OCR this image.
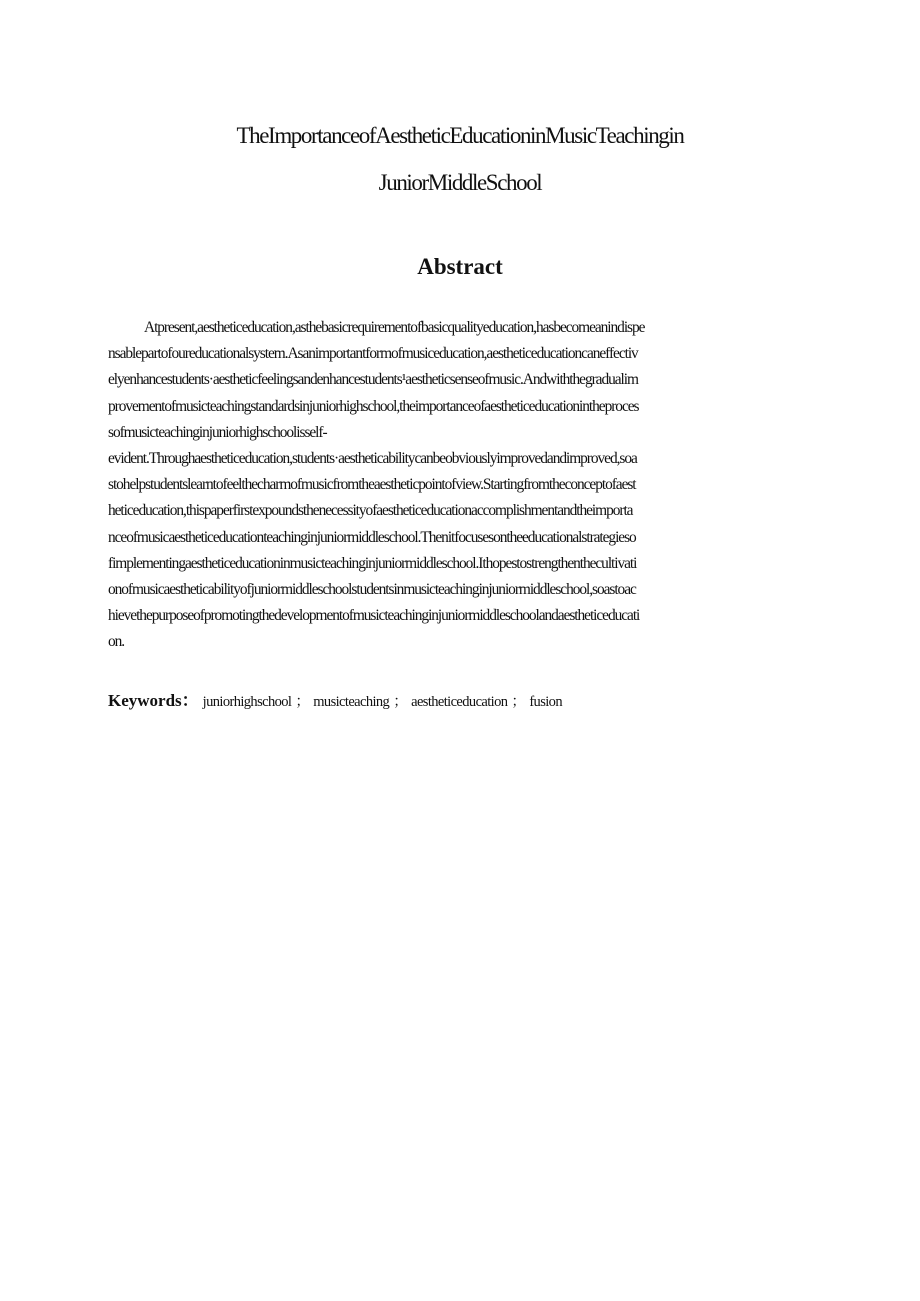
TheImportanceofAestheticEducationinMusicTeachingin
JuniorMiddleSchool
Abstract
Atpresent,aestheticeducation,asthebasicrequirementofbasicqualityeducation,hasbecomeanindispe
nsablepartofoureducationalsystem.Asanimportantformofmusiceducation,aestheticeducationcaneffectiv
elyenhancestudents·aestheticfeelingsandenhancestudents¹aestheticsenseofmusic.Andwiththegradualim
provementofmusicteachingstandardsinjuniorhighschool,theimportanceofaestheticeducationintheproces
sofmusicteachinginjuniorhighschoolisself-
evident.Throughaestheticeducation,students·aestheticabilitycanbeobviouslyimprovedandimproved,soa
stohelpstudentslearntofeelthecharmofmusicfromtheaestheticpointofview.Startingfromtheconceptofaest
heticeducation,thispaperfirstexpoundsthenecessityofaestheticeducationaccomplishmentandtheimporta
nceofmusicaestheticeducationteachinginjuniormiddleschool.Thenitfocusesontheeducationalstrategieso
fimplementingaestheticeducationinmusicteachinginjuniormiddleschool.Ithopestostrengthenthecultivati
onofmusicaestheticabilityofjuniormiddleschoolstudentsinmusicteachinginjuniormiddleschool,soastoac
hievethepurposeofpromotingthedevelopmentofmusicteachinginjuniormiddleschoolandaestheticeducati
on.

Keywords： juniorhighschool ； musicteaching ； aestheticeducation ； fusion
